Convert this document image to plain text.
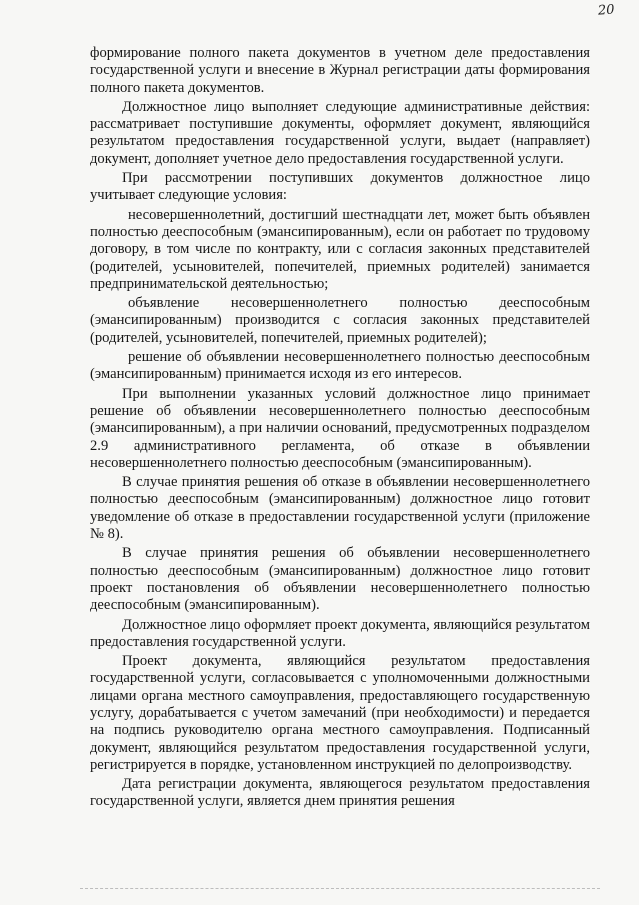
20

формирование полного пакета документов в учетном деле предоставления государственной услуги и внесение в Журнал регистрации даты формирования полного пакета документов.

Должностное лицо выполняет следующие административные действия: рассматривает поступившие документы, оформляет документ, являющийся результатом предоставления государственной услуги, выдает (направляет) документ, дополняет учетное дело предоставления государственной услуги.

При рассмотрении поступивших документов должностное лицо учитывает следующие условия:

несовершеннолетний, достигший шестнадцати лет, может быть объявлен полностью дееспособным (эмансипированным), если он работает по трудовому договору, в том числе по контракту, или с согласия законных представителей (родителей, усыновителей, попечителей, приемных родителей) занимается предпринимательской деятельностью;

объявление несовершеннолетнего полностью дееспособным (эмансипированным) производится с согласия законных представителей (родителей, усыновителей, попечителей, приемных родителей);

решение об объявлении несовершеннолетнего полностью дееспособным (эмансипированным) принимается исходя из его интересов.

При выполнении указанных условий должностное лицо принимает решение об объявлении несовершеннолетнего полностью дееспособным (эмансипированным), а при наличии оснований, предусмотренных подразделом 2.9 административного регламента, об отказе в объявлении несовершеннолетнего полностью дееспособным (эмансипированным).

В случае принятия решения об отказе в объявлении несовершеннолетнего полностью дееспособным (эмансипированным) должностное лицо готовит уведомление об отказе в предоставлении государственной услуги (приложение № 8).

В случае принятия решения об объявлении несовершеннолетнего полностью дееспособным (эмансипированным) должностное лицо готовит проект постановления об объявлении несовершеннолетнего полностью дееспособным (эмансипированным).

Должностное лицо оформляет проект документа, являющийся результатом предоставления государственной услуги.

Проект документа, являющийся результатом предоставления государственной услуги, согласовывается с уполномоченными должностными лицами органа местного самоуправления, предоставляющего государственную услугу, дорабатывается с учетом замечаний (при необходимости) и передается на подпись руководителю органа местного самоуправления. Подписанный документ, являющийся результатом предоставления государственной услуги, регистрируется в порядке, установленном инструкцией по делопроизводству.

Дата регистрации документа, являющегося результатом предоставления государственной услуги, является днем принятия решения
